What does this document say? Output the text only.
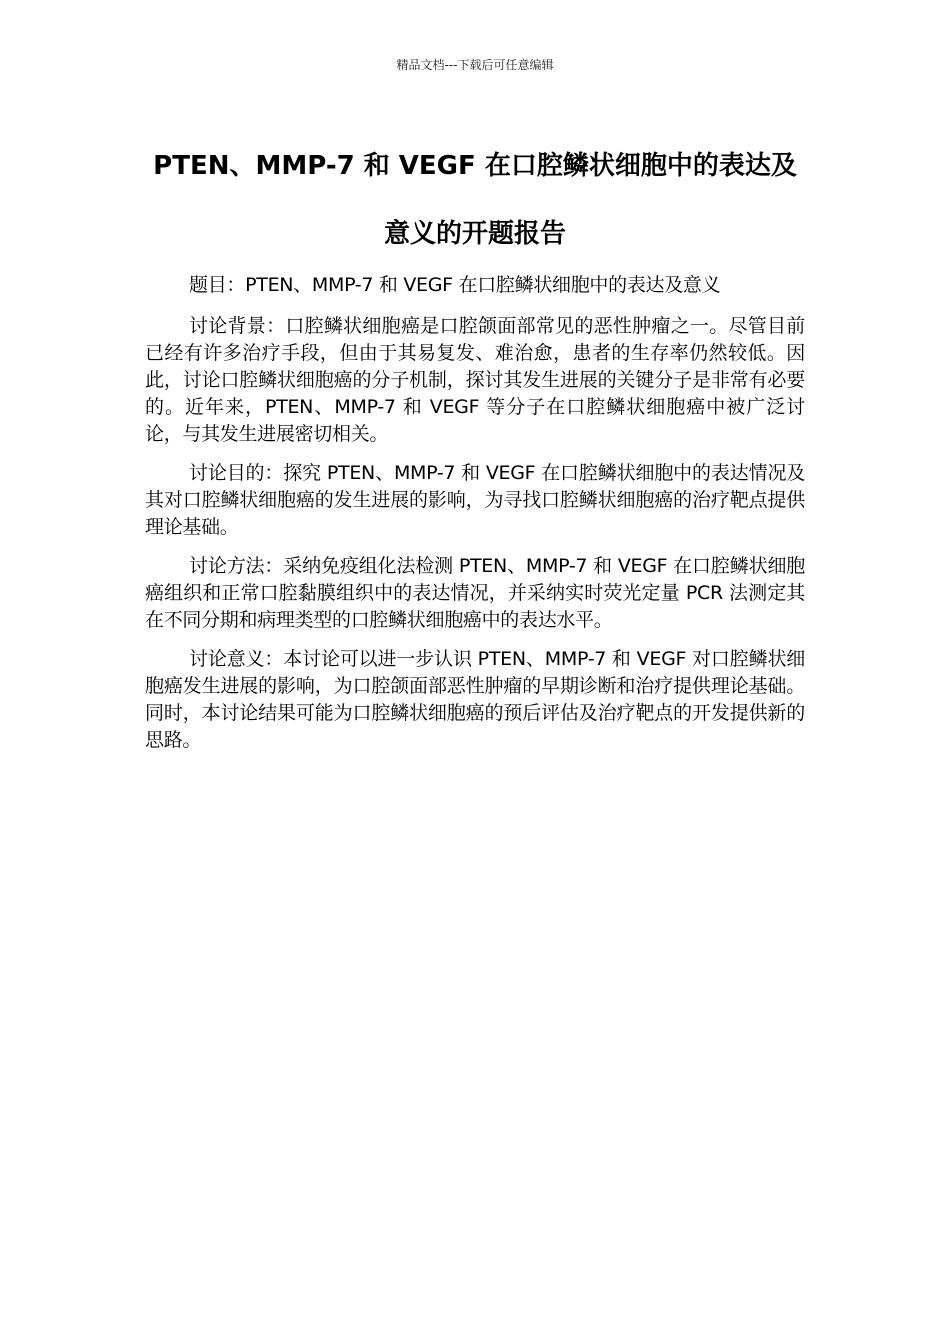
精品文档---下载后可任意编辑
PTEN、MMP-7 和 VEGF 在口腔鳞状细胞中的表达及意义的开题报告

题目：PTEN、MMP-7 和 VEGF 在口腔鳞状细胞中的表达及意义

讨论背景：口腔鳞状细胞癌是口腔颌面部常见的恶性肿瘤之一。尽管目前已经有许多治疗手段，但由于其易复发、难治愈，患者的生存率仍然较低。因此，讨论口腔鳞状细胞癌的分子机制，探讨其发生进展的关键分子是非常有必要的。近年来，PTEN、MMP-7 和 VEGF 等分子在口腔鳞状细胞癌中被广泛讨论，与其发生进展密切相关。

讨论目的：探究 PTEN、MMP-7 和 VEGF 在口腔鳞状细胞中的表达情况及其对口腔鳞状细胞癌的发生进展的影响，为寻找口腔鳞状细胞癌的治疗靶点提供理论基础。

讨论方法：采纳免疫组化法检测 PTEN、MMP-7 和 VEGF 在口腔鳞状细胞癌组织和正常口腔黏膜组织中的表达情况，并采纳实时荧光定量 PCR 法测定其在不同分期和病理类型的口腔鳞状细胞癌中的表达水平。

讨论意义：本讨论可以进一步认识 PTEN、MMP-7 和 VEGF 对口腔鳞状细胞癌发生进展的影响，为口腔颌面部恶性肿瘤的早期诊断和治疗提供理论基础。同时，本讨论结果可能为口腔鳞状细胞癌的预后评估及治疗靶点的开发提供新的思路。
